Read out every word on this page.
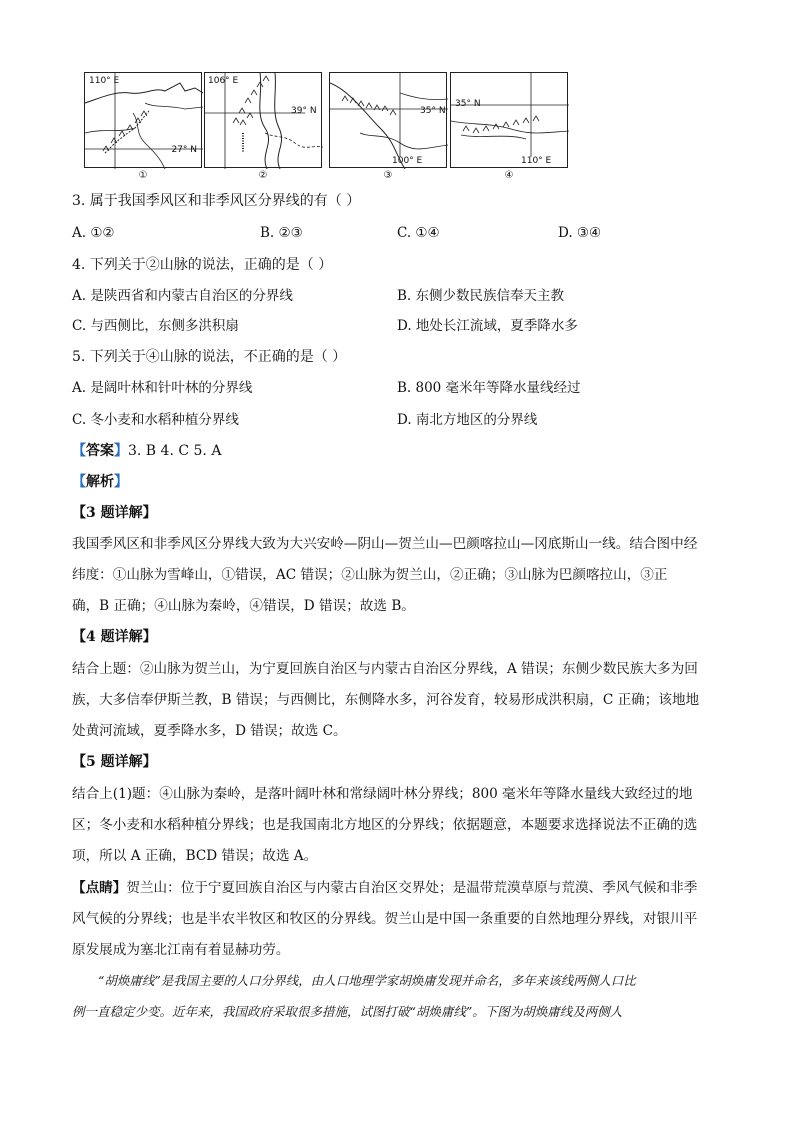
110° E
27° N
①
106° E
39° N
②
35° N
100° E
③
35° N
110° E
④
3. 属于我国季风区和非季风区分界线的有（ ）
A. ①②	B. ②③	C. ①④	D. ③④
4. 下列关于②山脉的说法，正确的是（ ）
A. 是陕西省和内蒙古自治区的分界线	B. 东侧少数民族信奉天主教
C. 与西侧比，东侧多洪积扇	D. 地处长江流域，夏季降水多
5. 下列关于④山脉的说法，不正确的是（ ）
A. 是阔叶林和针叶林的分界线	B. 800 毫米年等降水量线经过
C. 冬小麦和水稻种植分界线	D. 南北方地区的分界线
【答案】3. B 4. C 5. A
【解析】
【3 题详解】
我国季风区和非季风区分界线大致为大兴安岭—阴山—贺兰山—巴颜喀拉山—冈底斯山一线。结合图中经
纬度：①山脉为雪峰山，①错误，AC 错误；②山脉为贺兰山，②正确；③山脉为巴颜喀拉山，③正
确，B 正确；④山脉为秦岭，④错误，D 错误；故选 B。
【4 题详解】
结合上题：②山脉为贺兰山，为宁夏回族自治区与内蒙古自治区分界线，A 错误；东侧少数民族大多为回
族，大多信奉伊斯兰教，B 错误；与西侧比，东侧降水多，河谷发育，较易形成洪积扇，C 正确；该地地
处黄河流域，夏季降水多，D 错误；故选 C。
【5 题详解】
结合上(1)题：④山脉为秦岭，是落叶阔叶林和常绿阔叶林分界线；800 毫米年等降水量线大致经过的地
区；冬小麦和水稻种植分界线；也是我国南北方地区的分界线；依据题意，本题要求选择说法不正确的选
项，所以 A 正确，BCD 错误；故选 A。
【点睛】贺兰山：位于宁夏回族自治区与内蒙古自治区交界处；是温带荒漠草原与荒漠、季风气候和非季
风气候的分界线；也是半农半牧区和牧区的分界线。贺兰山是中国一条重要的自然地理分界线，对银川平
原发展成为塞北江南有着显赫功劳。
“胡焕庸线”是我国主要的人口分界线，由人口地理学家胡焕庸发现并命名，多年来该线两侧人口比
例一直稳定少变。近年来，我国政府采取很多措施，试图打破“胡焕庸线”。下图为胡焕庸线及两侧人
